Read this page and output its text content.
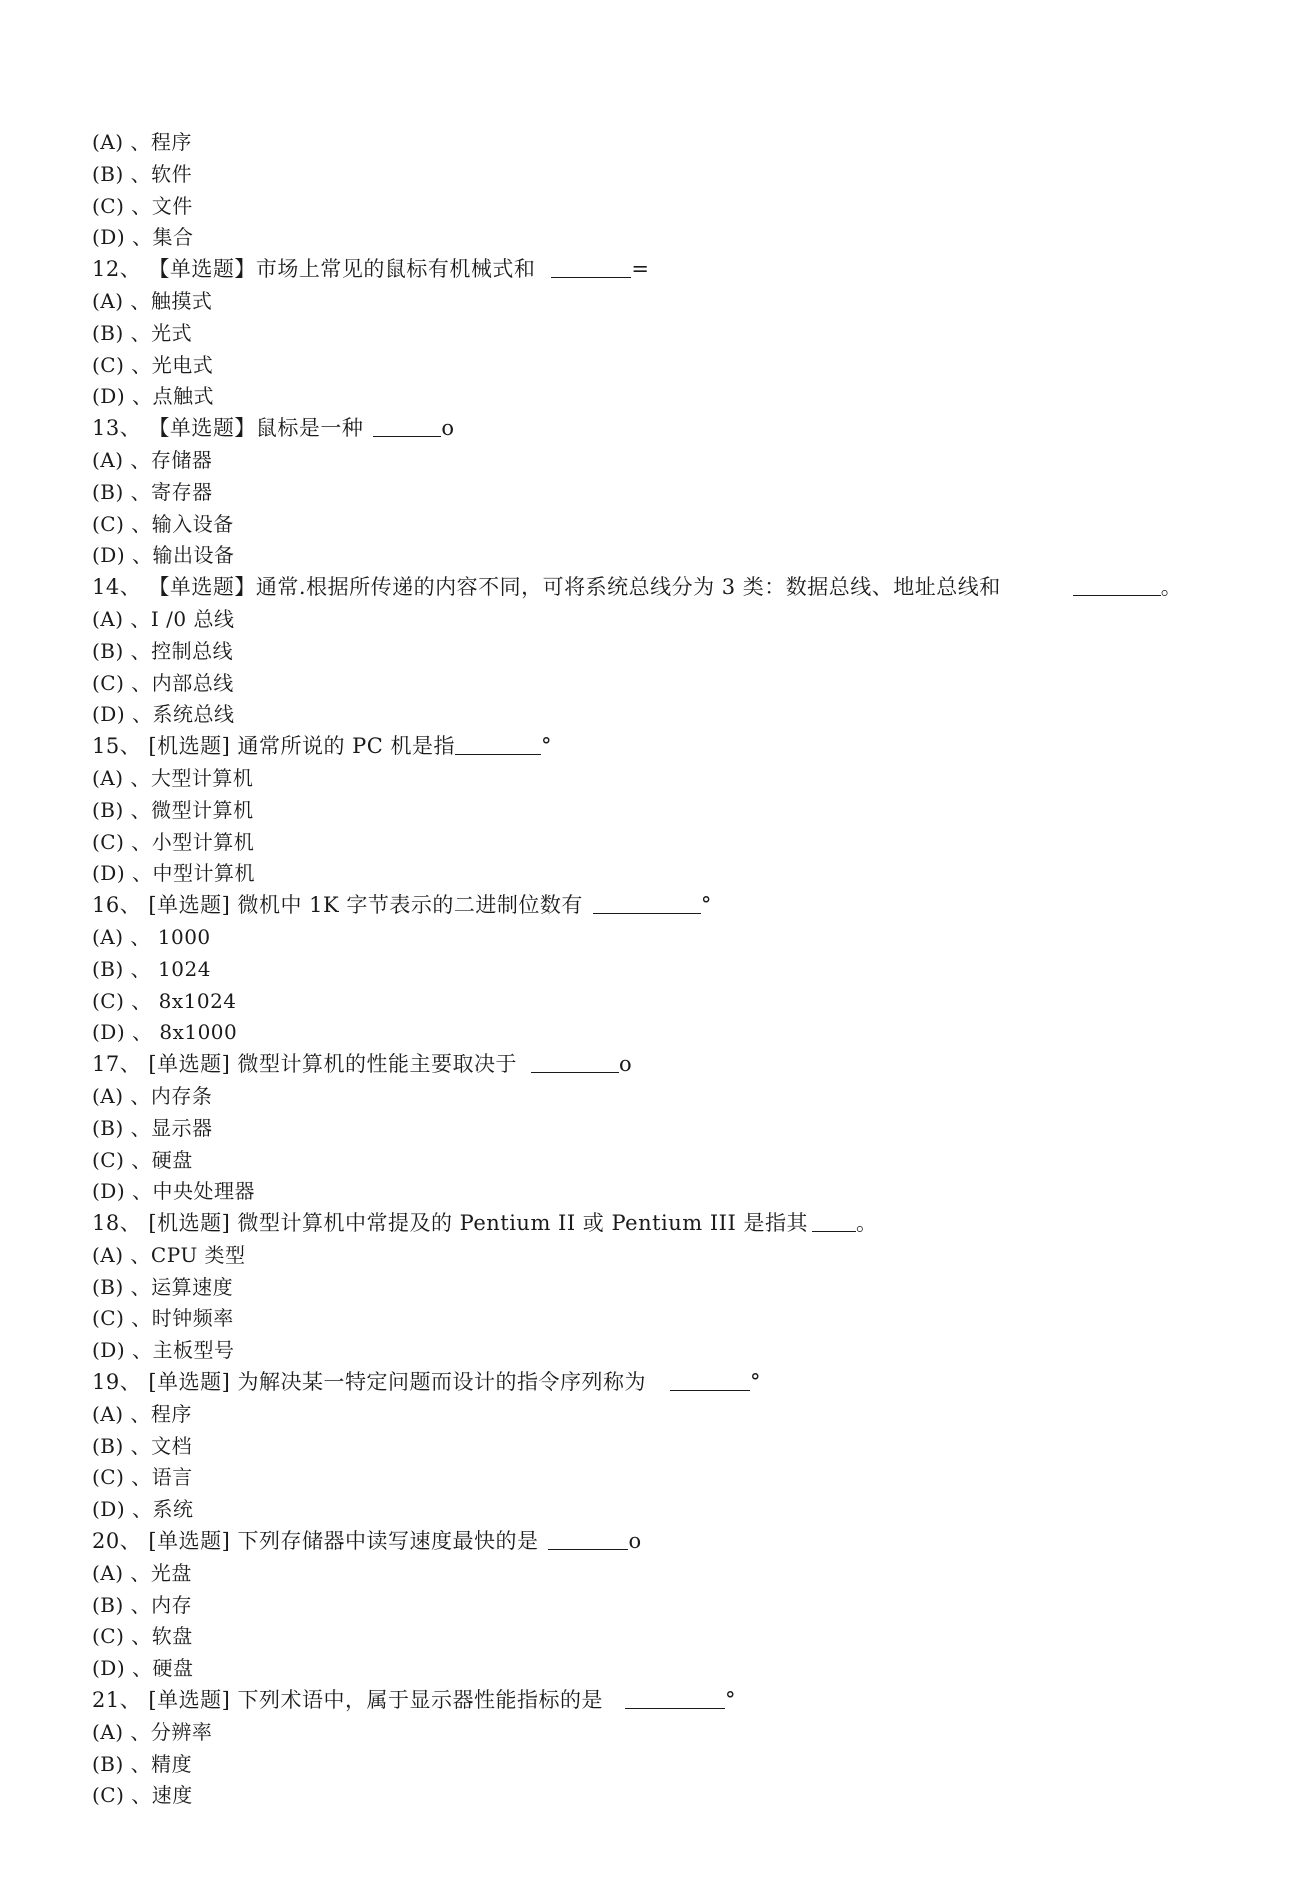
(A) 、程序
(B) 、软件
(C) 、文件
(D) 、集合
12、 【单选题】市场上常见的鼠标有机械式和	=
(A) 、触摸式
(B) 、光式
(C) 、光电式
(D) 、点触式
13、 【单选题】鼠标是一种	o
(A) 、存储器
(B) 、寄存器
(C) 、输入设备
(D) 、输出设备
14、 【单选题】通常.根据所传递的内容不同，可将系统总线分为 3 类：数据总线、地址总线和	。
(A) 、I /0 总线
(B) 、控制总线
(C) 、内部总线
(D) 、系统总线
15、 [机选题] 通常所说的 PC 机是指	°
(A) 、大型计算机
(B) 、微型计算机
(C) 、小型计算机
(D) 、中型计算机
16、 [单选题] 微机中 1K 字节表示的二进制位数有	°
(A) 、 1000
(B) 、 1024
(C) 、 8x1024
(D) 、 8x1000
17、 [单选题] 微型计算机的性能主要取决于	o
(A) 、内存条
(B) 、显示器
(C) 、硬盘
(D) 、中央处理器
18、 [机选题] 微型计算机中常提及的 Pentium II 或 Pentium III 是指其 。
(A) 、CPU 类型
(B) 、运算速度
(C) 、时钟频率
(D) 、主板型号
19、 [单选题] 为解决某一特定问题而设计的指令序列称为	°
(A) 、程序
(B) 、文档
(C) 、语言
(D) 、系统
20、 [单选题] 下列存储器中读写速度最快的是	o
(A) 、光盘
(B) 、内存
(C) 、软盘
(D) 、硬盘
21、 [单选题] 下列术语中，属于显示器性能指标的是	°
(A) 、分辨率
(B) 、精度
(C) 、速度
